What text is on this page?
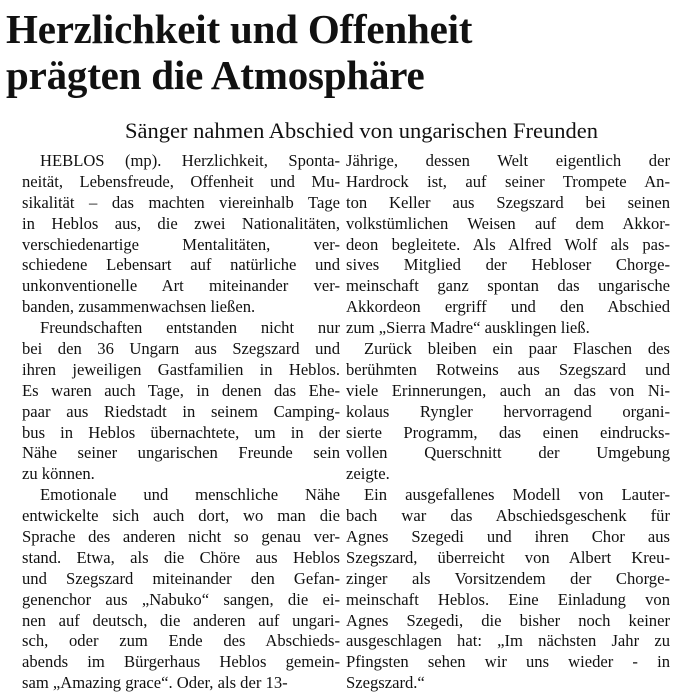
Herzlichkeit und Offenheit
prägten die Atmosphäre
Sänger nahmen Abschied von ungarischen Freunden

HEBLOS (mp). Herzlichkeit, Sponta-
neität, Lebensfreude, Offenheit und Mu-
sikalität – das machten viereinhalb Tage
in Heblos aus, die zwei Nationalitäten,
verschiedenartige Mentalitäten, ver-
schiedene Lebensart auf natürliche und
unkonventionelle Art miteinander ver-
banden, zusammenwachsen ließen.

Freundschaften entstanden nicht nur
bei den 36 Ungarn aus Szegszard und
ihren jeweiligen Gastfamilien in Heblos.
Es waren auch Tage, in denen das Ehe-
paar aus Riedstadt in seinem Camping-
bus in Heblos übernachtete, um in der
Nähe seiner ungarischen Freunde sein
zu können.

Emotionale und menschliche Nähe
entwickelte sich auch dort, wo man die
Sprache des anderen nicht so genau ver-
stand. Etwa, als die Chöre aus Heblos
und Szegszard miteinander den Gefan-
genenchor aus „Nabuko“ sangen, die ei-
nen auf deutsch, die anderen auf ungari-
sch, oder zum Ende des Abschieds-
abends im Bürgerhaus Heblos gemein-
sam „Amazing grace“. Oder, als der 13-

Jährige, dessen Welt eigentlich der
Hardrock ist, auf seiner Trompete An-
ton Keller aus Szegszard bei seinen
volkstümlichen Weisen auf dem Akkor-
deon begleitete. Als Alfred Wolf als pas-
sives Mitglied der Hebloser Chorge-
meinschaft ganz spontan das ungarische
Akkordeon ergriff und den Abschied
zum „Sierra Madre“ ausklingen ließ.

Zurück bleiben ein paar Flaschen des
berühmten Rotweins aus Szegszard und
viele Erinnerungen, auch an das von Ni-
kolaus Ryngler hervorragend organi-
sierte Programm, das einen eindrucks-
vollen Querschnitt der Umgebung
zeigte.

Ein ausgefallenes Modell von Lauter-
bach war das Abschiedsgeschenk für
Agnes Szegedi und ihren Chor aus
Szegszard, überreicht von Albert Kreu-
zinger als Vorsitzendem der Chorge-
meinschaft Heblos. Eine Einladung von
Agnes Szegedi, die bisher noch keiner
ausgeschlagen hat: „Im nächsten Jahr zu
Pfingsten sehen wir uns wieder - in
Szegszard.“
